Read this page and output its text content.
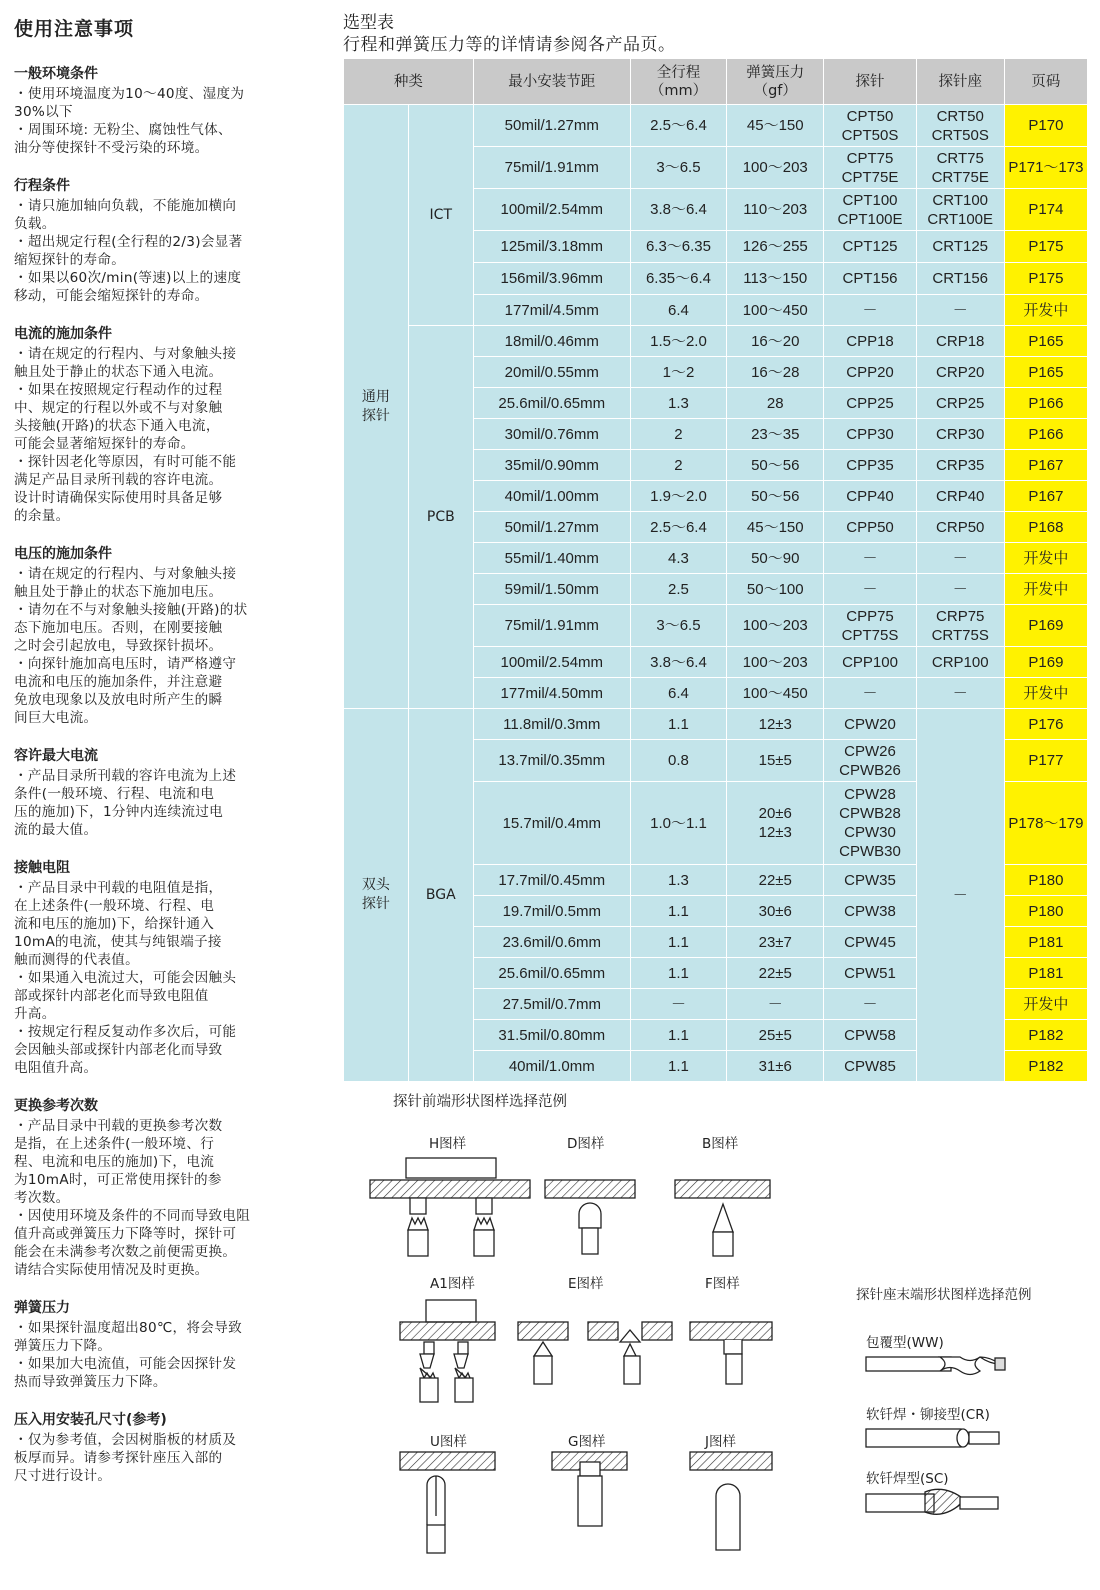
使用注意事项
一般环境条件

・使用环境温度为10～40度、湿度为
30%以下
・周围环境: 无粉尘、腐蚀性气体、
油分等使探针不受污染的环境。

行程条件

・请只施加轴向负载，不能施加横向
负载。
・超出规定行程(全行程的2/3)会显著
缩短探针的寿命。
・如果以60次/min(等速)以上的速度
移动，可能会缩短探针的寿命。

电流的施加条件

・请在规定的行程内、与对象触头接
触且处于静止的状态下通入电流。
・如果在按照规定行程动作的过程
中、规定的行程以外或不与对象触
头接触(开路)的状态下通入电流，
可能会显著缩短探针的寿命。
・探针因老化等原因，有时可能不能
满足产品目录所刊载的容许电流。
设计时请确保实际使用时具备足够
的余量。

电压的施加条件

・请在规定的行程内、与对象触头接
触且处于静止的状态下施加电压。
・请勿在不与对象触头接触(开路)的状
态下施加电压。否则，在刚要接触
之时会引起放电，导致探针损坏。
・向探针施加高电压时，请严格遵守
电流和电压的施加条件，并注意避
免放电现象以及放电时所产生的瞬
间巨大电流。

容许最大电流

・产品目录所刊载的容许电流为上述
条件(一般环境、行程、电流和电
压的施加)下，1分钟内连续流过电
流的最大值。

接触电阻

・产品目录中刊载的电阻值是指，
在上述条件(一般环境、行程、电
流和电压的施加)下，给探针通入
10mA的电流，使其与纯银端子接
触而测得的代表值。
・如果通入电流过大，可能会因触头
部或探针内部老化而导致电阻值
升高。
・按规定行程反复动作多次后，可能
会因触头部或探针内部老化而导致
电阻值升高。

更换参考次数

・产品目录中刊载的更换参考次数
是指，在上述条件(一般环境、行
程、电流和电压的施加)下，电流
为10mA时，可正常使用探针的参
考次数。
・因使用环境及条件的不同而导致电阻
值升高或弹簧压力下降等时，探针可
能会在未满参考次数之前便需更换。
请结合实际使用情况及时更换。

弹簧压力

・如果探针温度超出80℃，将会导致
弹簧压力下降。
・如果加大电流值，可能会因探针发
热而导致弹簧压力下降。

压入用安装孔尺寸(参考)

・仅为参考值，会因树脂板的材质及
板厚而异。请参考探针座压入部的
尺寸进行设计。

选型表
行程和弹簧压力等的详情请参阅各产品页。
种类		最小安装节距	全行程
（mm）	弹簧压力
（gf）	探针	探针座	页码
通用
探针	ICT	50mil/1.27mm	2.5～6.4	45～150	CPT50
CPT50S	CRT50
CRT50S	P170
		75mil/1.91mm	3～6.5	100～203	CPT75
CPT75E	CRT75
CRT75E	P171～173
		100mil/2.54mm	3.8～6.4	110～203	CPT100
CPT100E	CRT100
CRT100E	P174
		125mil/3.18mm	6.3～6.35	126～255	CPT125	CRT125	P175
		156mil/3.96mm	6.35～6.4	113～150	CPT156	CRT156	P175
		177mil/4.5mm	6.4	100～450	－	－	开发中
	PCB	18mil/0.46mm	1.5～2.0	16～20	CPP18	CRP18	P165
		20mil/0.55mm	1～2	16～28	CPP20	CRP20	P165
		25.6mil/0.65mm	1.3	28	CPP25	CRP25	P166
		30mil/0.76mm	2	23～35	CPP30	CRP30	P166
		35mil/0.90mm	2	50～56	CPP35	CRP35	P167
		40mil/1.00mm	1.9～2.0	50～56	CPP40	CRP40	P167
		50mil/1.27mm	2.5～6.4	45～150	CPP50	CRP50	P168
		55mil/1.40mm	4.3	50～90	－	－	开发中
		59mil/1.50mm	2.5	50～100	－	－	开发中
		75mil/1.91mm	3～6.5	100～203	CPP75
CPT75S	CRP75
CRT75S	P169
		100mil/2.54mm	3.8～6.4	100～203	CPP100	CRP100	P169
		177mil/4.50mm	6.4	100～450	－	－	开发中
双头
探针	BGA	11.8mil/0.3mm	1.1	12±3	CPW20	－	P176
		13.7mil/0.35mm	0.8	15±5	CPW26
CPWB26		P177
		15.7mil/0.4mm	1.0～1.1	20±6
12±3	CPW28
CPWB28
CPW30
CPWB30		P178～179
		17.7mil/0.45mm	1.3	22±5	CPW35		P180
		19.7mil/0.5mm	1.1	30±6	CPW38		P180
		23.6mil/0.6mm	1.1	23±7	CPW45		P181
		25.6mil/0.65mm	1.1	22±5	CPW51		P181
		27.5mil/0.7mm	－	－	－		开发中
		31.5mil/0.80mm	1.1	25±5	CPW58		P182
		40mil/1.0mm	1.1	31±6	CPW85		P182
探针前端形状图样选择范例
H图样	D图样	B图样
A1图样	E图样	F图样
U图样	G图样	J图样
探针座末端形状图样选择范例
包覆型(WW)
软钎焊・铆接型(CR)
软钎焊型(SC)
